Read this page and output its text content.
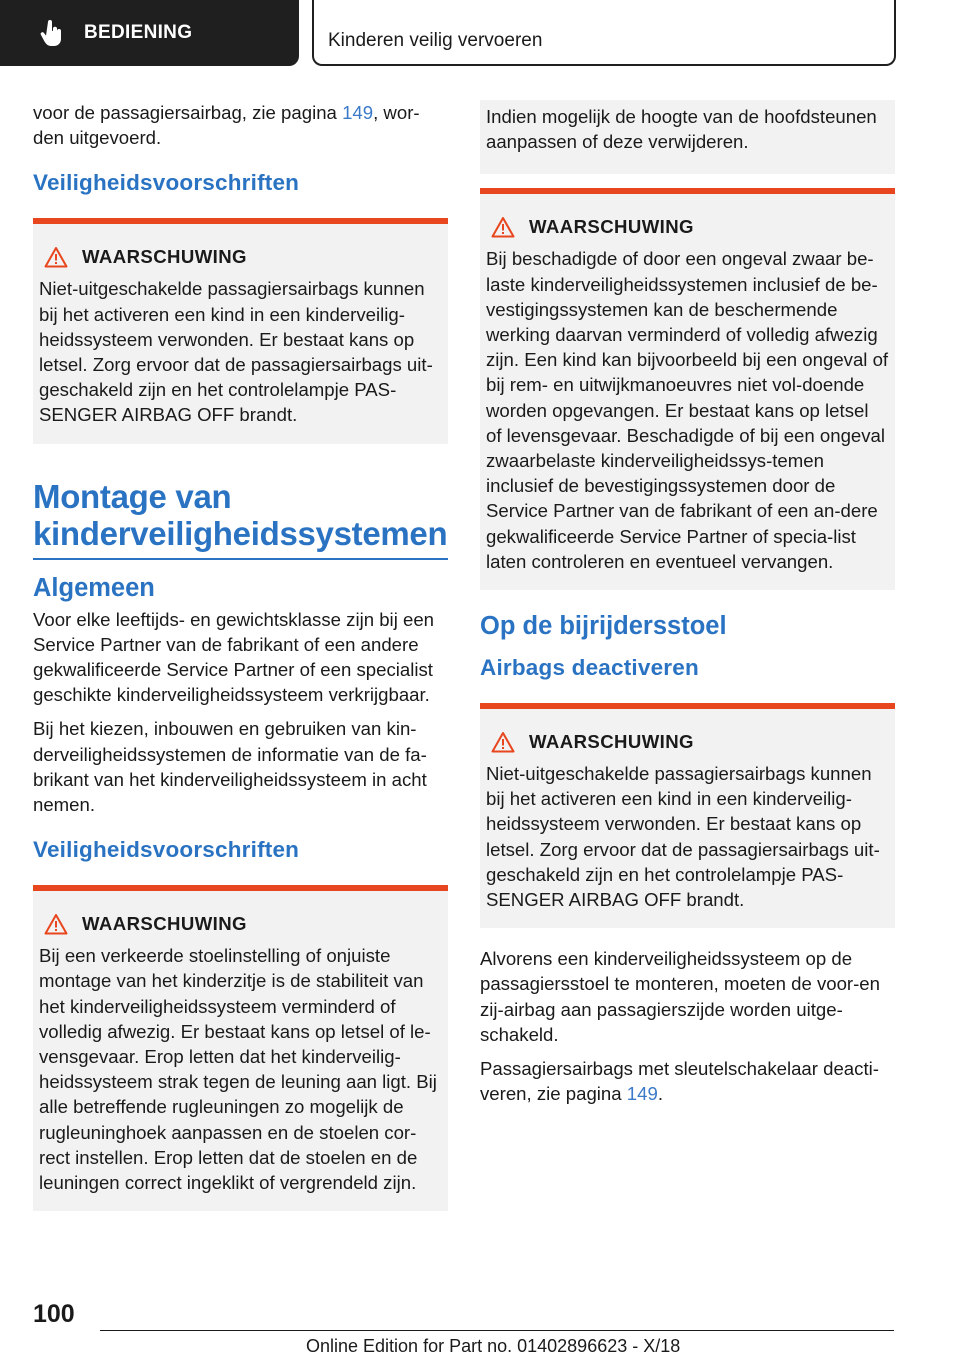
BEDIENING	Kinderen veilig vervoeren

voor de passagiersairbag, zie pagina 149, wor-den uitgevoerd.

Veiligheidsvoorschriften
WAARSCHUWING
Niet-uitgeschakelde passagiersairbags kunnen bij het activeren een kind in een kinderveilig-heidssysteem verwonden. Er bestaat kans op letsel. Zorg ervoor dat de passagiersairbags uit-geschakeld zijn en het controlelampje PAS-SENGER AIRBAG OFF brandt.
Montage van kinderveiligheidssystemen
Algemeen

Voor elke leeftijds- en gewichtsklasse zijn bij een Service Partner van de fabrikant of een andere gekwalificeerde Service Partner of een specialist geschikte kinderveiligheidssysteem verkrijgbaar.

Bij het kiezen, inbouwen en gebruiken van kin-derveiligheidssystemen de informatie van de fa-brikant van het kinderveiligheidssysteem in acht nemen.

Veiligheidsvoorschriften
WAARSCHUWING
Bij een verkeerde stoelinstelling of onjuiste montage van het kinderzitje is de stabiliteit van het kinderveiligheidssysteem verminderd of volledig afwezig. Er bestaat kans op letsel of le-vensgevaar. Erop letten dat het kinderveilig-heidssysteem strak tegen de leuning aan ligt. Bij alle betreffende rugleuningen zo mogelijk de rugleuninghoek aanpassen en de stoelen cor-rect instellen. Erop letten dat de stoelen en de leuningen correct ingeklikt of vergrendeld zijn.
Indien mogelijk de hoogte van de hoofdsteunen aanpassen of deze verwijderen.
WAARSCHUWING
Bij beschadigde of door een ongeval zwaar be-laste kinderveiligheidssystemen inclusief de be-vestigingssystemen kan de beschermende werking daarvan verminderd of volledig afwezig zijn. Een kind kan bijvoorbeeld bij een ongeval of bij rem- en uitwijkmanoeuvres niet vol-doende worden opgevangen. Er bestaat kans op letsel of levensgevaar. Beschadigde of bij een ongeval zwaarbelaste kinderveiligheidssys-temen inclusief de bevestigingssystemen door de Service Partner van de fabrikant of een an-dere gekwalificeerde Service Partner of specia-list laten controleren en eventueel vervangen.
Op de bijrijdersstoel
Airbags deactiveren
WAARSCHUWING
Niet-uitgeschakelde passagiersairbags kunnen bij het activeren een kind in een kinderveilig-heidssysteem verwonden. Er bestaat kans op letsel. Zorg ervoor dat de passagiersairbags uit-geschakeld zijn en het controlelampje PAS-SENGER AIRBAG OFF brandt.

Alvorens een kinderveiligheidssysteem op de passagiersstoel te monteren, moeten de voor-en zij-airbag aan passagierszijde worden uitge-schakeld.

Passagiersairbags met sleutelschakelaar deacti-veren, zie pagina 149.

100
Online Edition for Part no. 01402896623 - X/18
